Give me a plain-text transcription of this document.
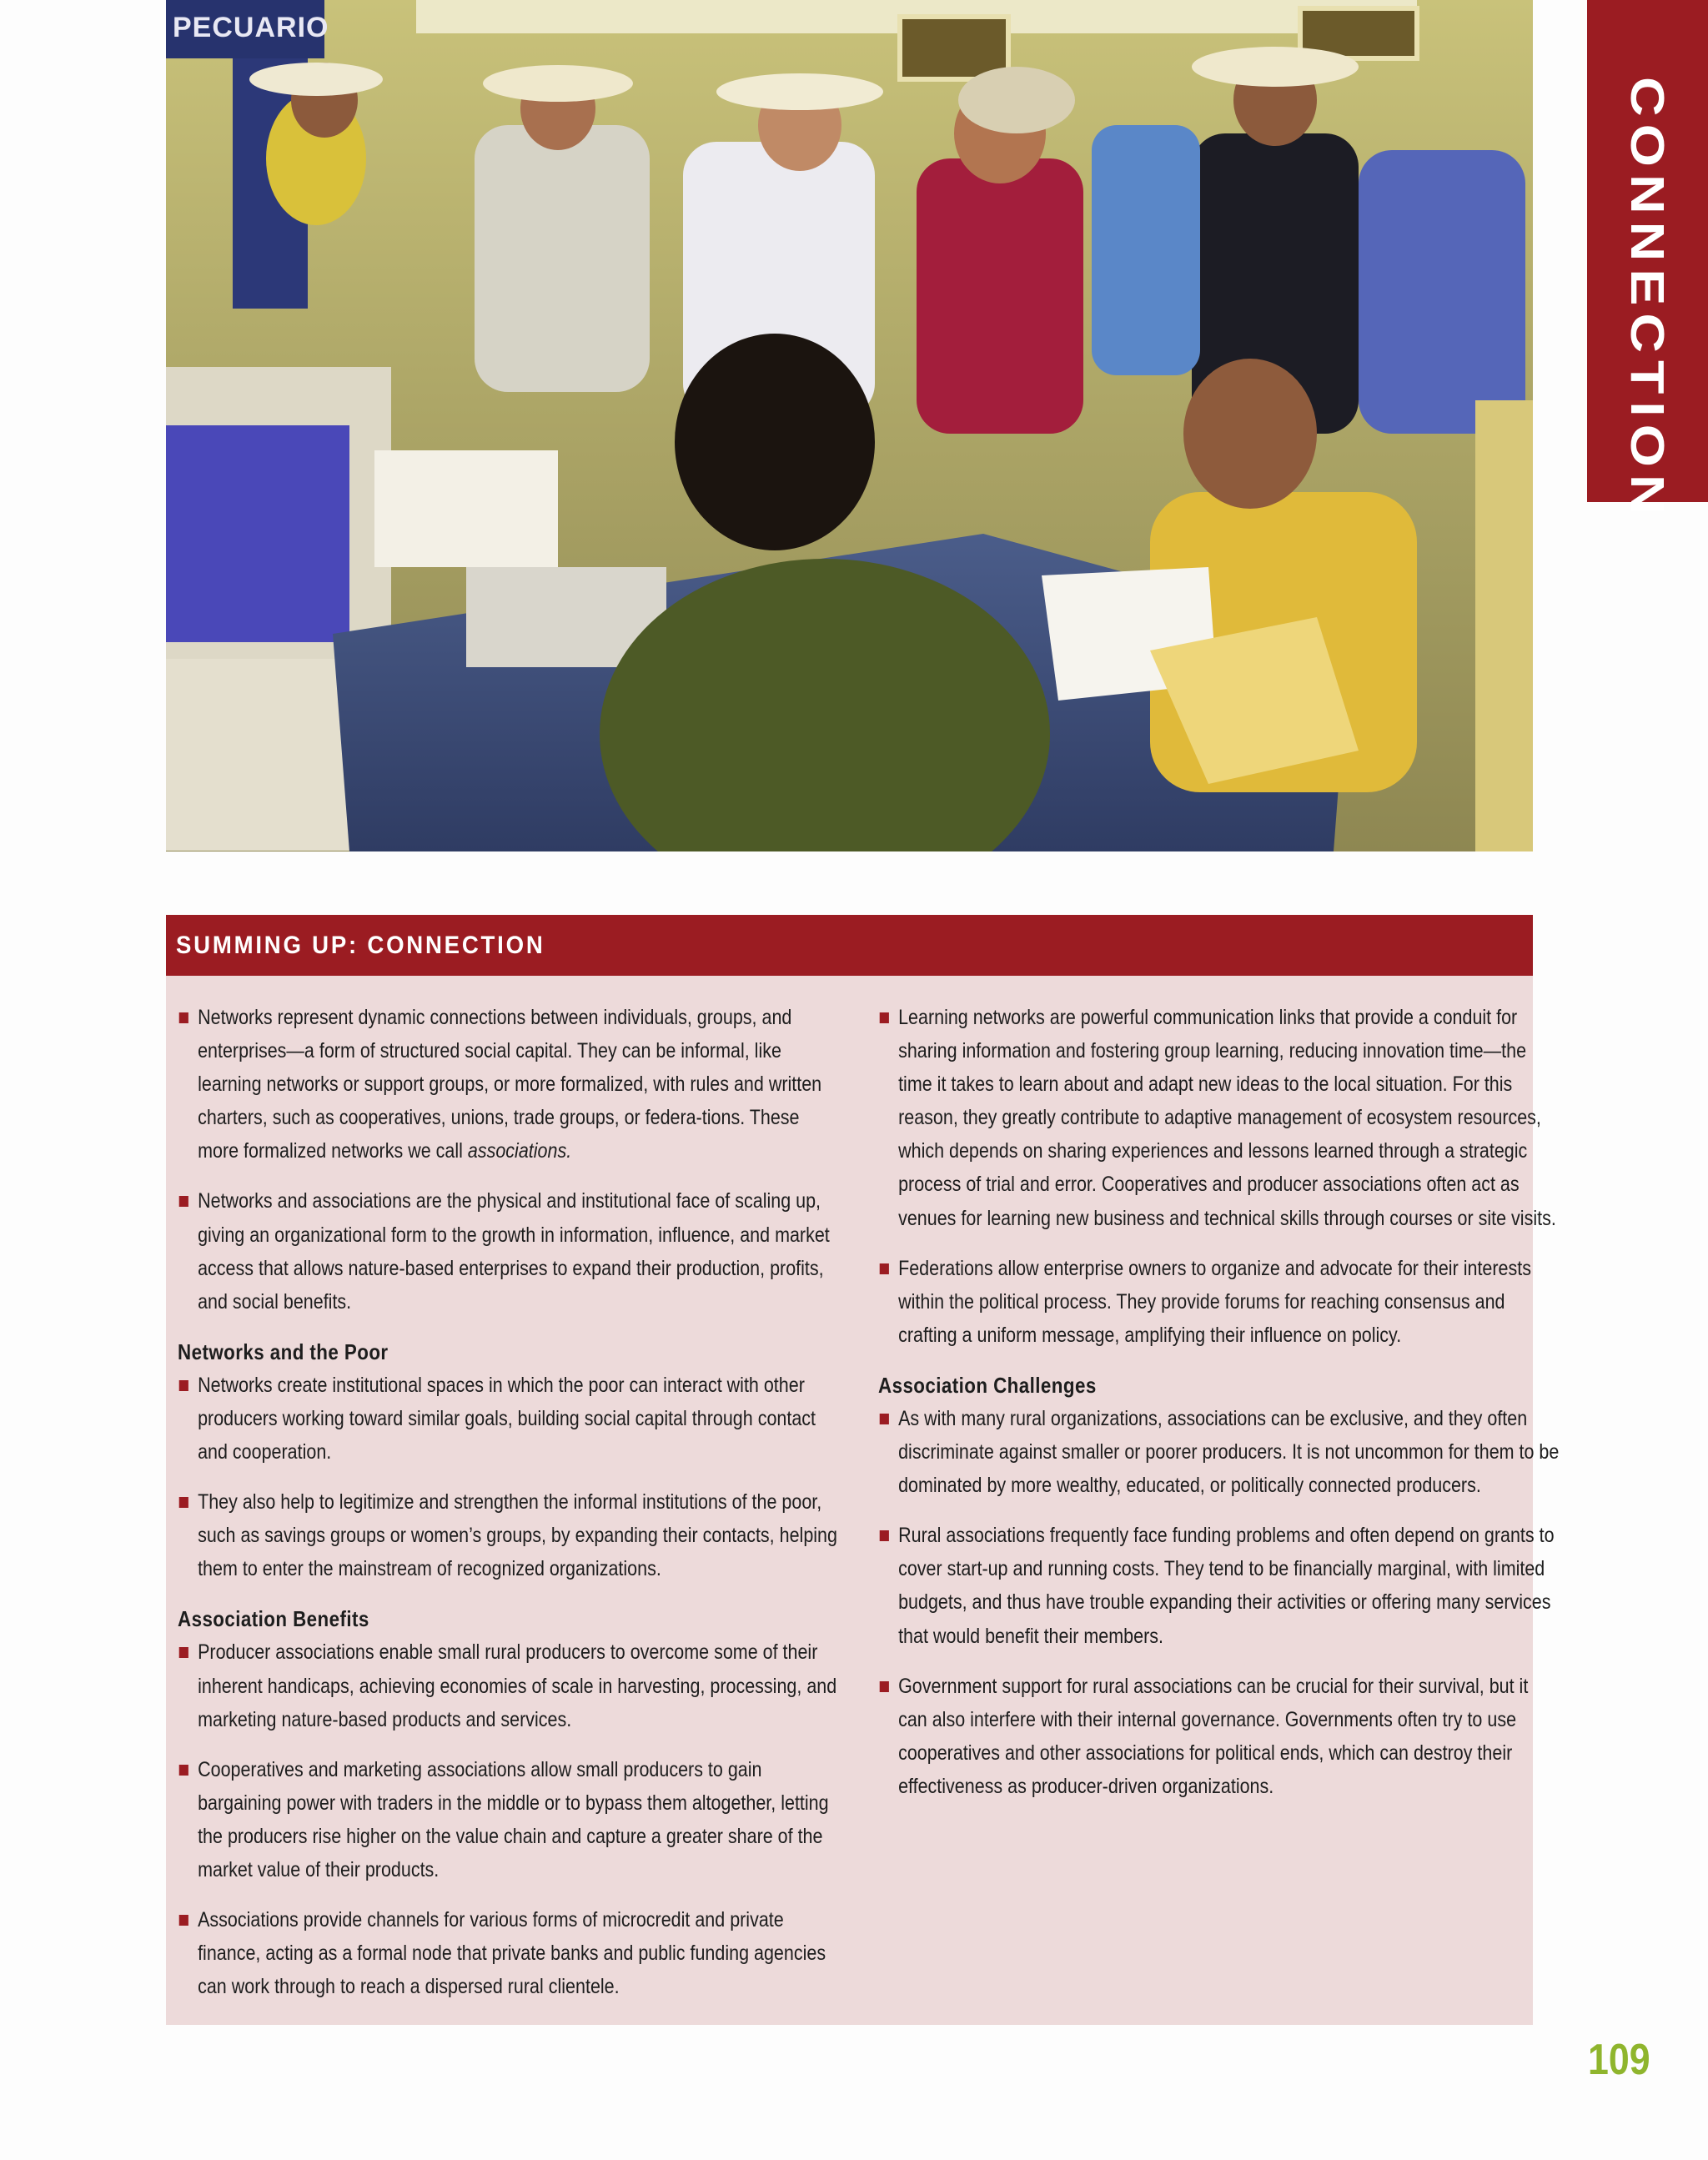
PECUARIO
CONNECTION
SUMMING UP: CONNECTION

Networks represent dynamic connections between individuals, groups, and enterprises—a form of structured social capital. They can be informal, like learning networks or support groups, or more formalized, with rules and written charters, such as cooperatives, unions, trade groups, or federa-tions. These more formalized networks we call associations.

Networks and associations are the physical and institutional face of scaling up, giving an organizational form to the growth in information, influence, and market access that allows nature-based enterprises to expand their production, profits, and social benefits.

Networks and the Poor

Networks create institutional spaces in which the poor can interact with other producers working toward similar goals, building social capital through contact and cooperation.

They also help to legitimize and strengthen the informal institutions of the poor, such as savings groups or women’s groups, by expanding their contacts, helping them to enter the mainstream of recognized organizations.

Association Benefits

Producer associations enable small rural producers to overcome some of their inherent handicaps, achieving economies of scale in harvesting, processing, and marketing nature-based products and services.

Cooperatives and marketing associations allow small producers to gain bargaining power with traders in the middle or to bypass them altogether, letting the producers rise higher on the value chain and capture a greater share of the market value of their products.

Associations provide channels for various forms of microcredit and private finance, acting as a formal node that private banks and public funding agencies can work through to reach a dispersed rural clientele.

Learning networks are powerful communication links that provide a conduit for sharing information and fostering group learning, reducing innovation time—the time it takes to learn about and adapt new ideas to the local situation. For this reason, they greatly contribute to adaptive management of ecosystem resources, which depends on sharing experiences and lessons learned through a strategic process of trial and error. Cooperatives and producer associations often act as venues for learning new business and technical skills through courses or site visits.

Federations allow enterprise owners to organize and advocate for their interests within the political process. They provide forums for reaching consensus and crafting a uniform message, amplifying their influence on policy.

Association Challenges

As with many rural organizations, associations can be exclusive, and they often discriminate against smaller or poorer producers. It is not uncommon for them to be dominated by more wealthy, educated, or politically connected producers.

Rural associations frequently face funding problems and often depend on grants to cover start-up and running costs. They tend to be financially marginal, with limited budgets, and thus have trouble expanding their activities or offering many services that would benefit their members.

Government support for rural associations can be crucial for their survival, but it can also interfere with their internal governance. Governments often try to use cooperatives and other associations for political ends, which can destroy their effectiveness as producer-driven organizations.

109
